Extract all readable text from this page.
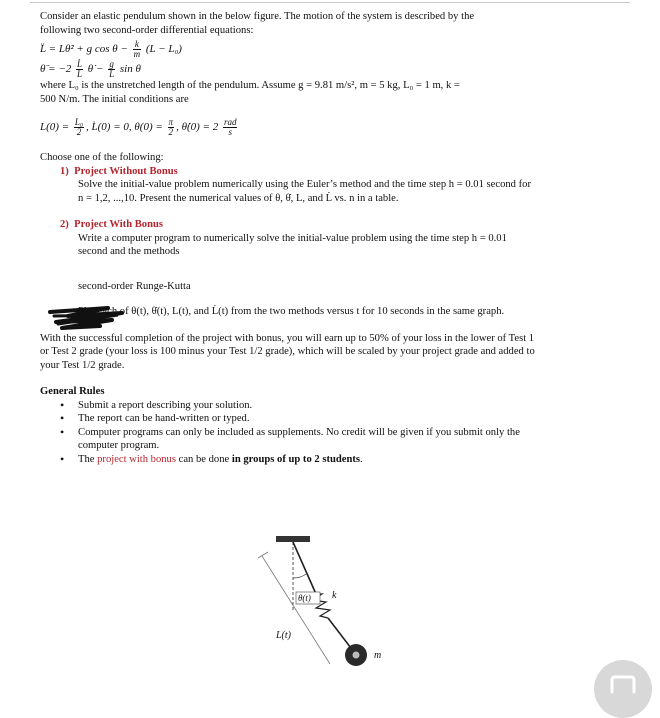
Consider an elastic pendulum shown in the below figure. The motion of the system is described by the

following two second-order differential equations:

L̈ = Lθ̇² + g $\cos \theta - \frac{k}{m} (L - L_0)$
θ̈ = $-2 \frac{L̇}{L}$ θ̇ − $\frac{g}{L}$ sin θ

where L₀ is the unstretched length of the pendulum. Assume g = 9.81 m/s², m = 5 kg, L₀ = 1 m, k =

500 N/m. The initial conditions are

$L(0) = \frac{\text{L₀}}{2}$ , L̇(0) = 0, $\theta(0) = \frac{\pi}{2}$ , θ̇(0) = $2 \frac{\text{rad}}{s}$

Choose one of the following:

1) Project Without Bonus

Solve the initial-value problem numerically using the Euler’s method and the time step h = 0.01 second for

n = 1,2, ...,10. Present the numerical values of θ, θ̇, L, and L̇ vs. n in a table.

2) Project With Bonus

Write a computer program to numerically solve the initial-value problem using the time step h = 0.01

second and the methods

second-order Runge-Kutta

Plot each of θ(t), θ̇(t), L(t), and L̇(t) from the two methods versus t for 10 seconds in the same graph.

With the successful completion of the project with bonus, you will earn up to 50% of your loss in the lower of Test 1

or Test 2 grade (your loss is 100 minus your Test 1/2 grade), which will be scaled by your project grade and added to

your Test 1/2 grade.

General Rules

• Submit a report describing your solution.
• The report can be hand-written or typed.
• Computer programs can only be included as supplements. No credit will be given if you submit only the
computer program.
• The project with bonus can be done in groups of up to 2 students.
θ(t) k
L(t)
m
